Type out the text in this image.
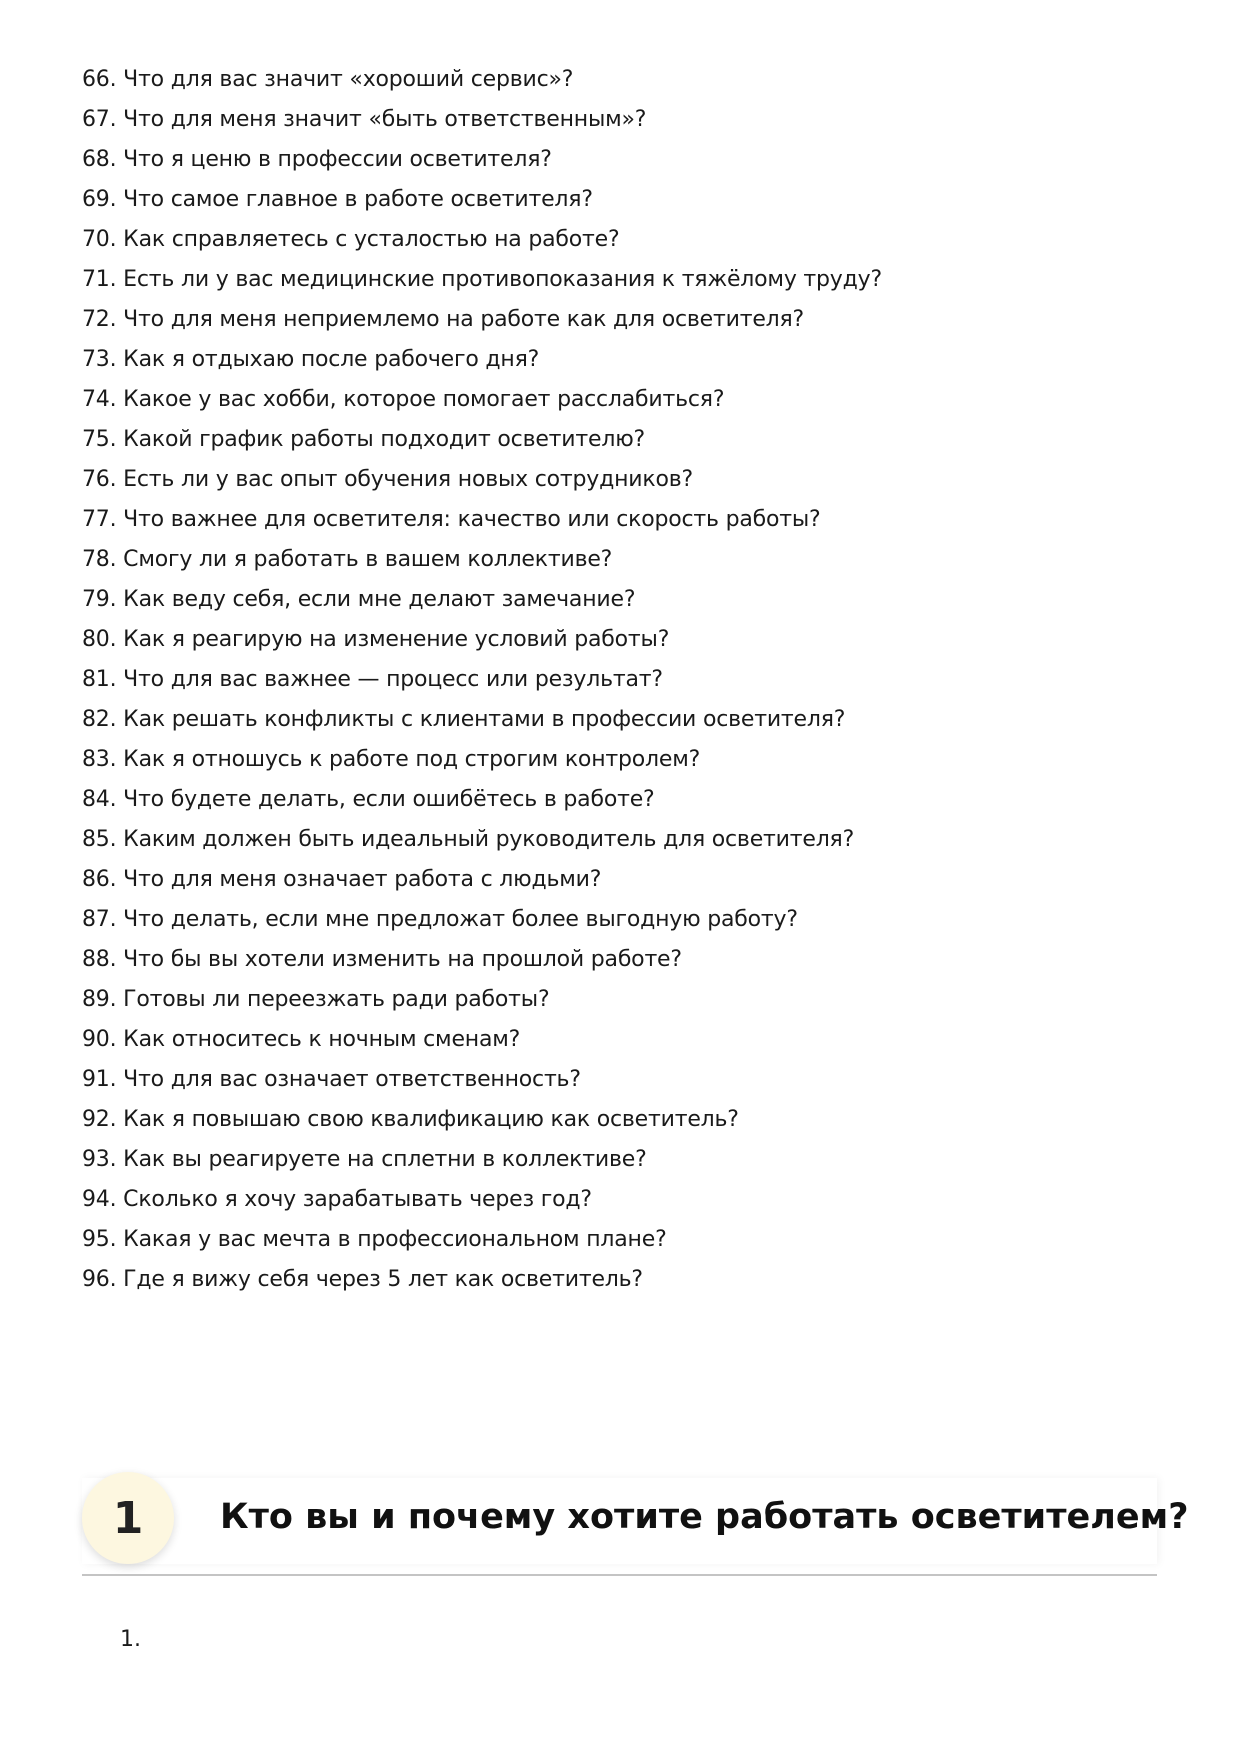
66. Что для вас значит «хороший сервис»?
67. Что для меня значит «быть ответственным»?
68. Что я ценю в профессии осветителя?
69. Что самое главное в работе осветителя?
70. Как справляетесь с усталостью на работе?
71. Есть ли у вас медицинские противопоказания к тяжёлому труду?
72. Что для меня неприемлемо на работе как для осветителя?
73. Как я отдыхаю после рабочего дня?
74. Какое у вас хобби, которое помогает расслабиться?
75. Какой график работы подходит осветителю?
76. Есть ли у вас опыт обучения новых сотрудников?
77. Что важнее для осветителя: качество или скорость работы?
78. Смогу ли я работать в вашем коллективе?
79. Как веду себя, если мне делают замечание?
80. Как я реагирую на изменение условий работы?
81. Что для вас важнее — процесс или результат?
82. Как решать конфликты с клиентами в профессии осветителя?
83. Как я отношусь к работе под строгим контролем?
84. Что будете делать, если ошибётесь в работе?
85. Каким должен быть идеальный руководитель для осветителя?
86. Что для меня означает работа с людьми?
87. Что делать, если мне предложат более выгодную работу?
88. Что бы вы хотели изменить на прошлой работе?
89. Готовы ли переезжать ради работы?
90. Как относитесь к ночным сменам?
91. Что для вас означает ответственность?
92. Как я повышаю свою квалификацию как осветитель?
93. Как вы реагируете на сплетни в коллективе?
94. Сколько я хочу зарабатывать через год?
95. Какая у вас мечта в профессиональном плане?
96. Где я вижу себя через 5 лет как осветитель?
1	Кто вы и почему хотите работать осветителем?
1.
